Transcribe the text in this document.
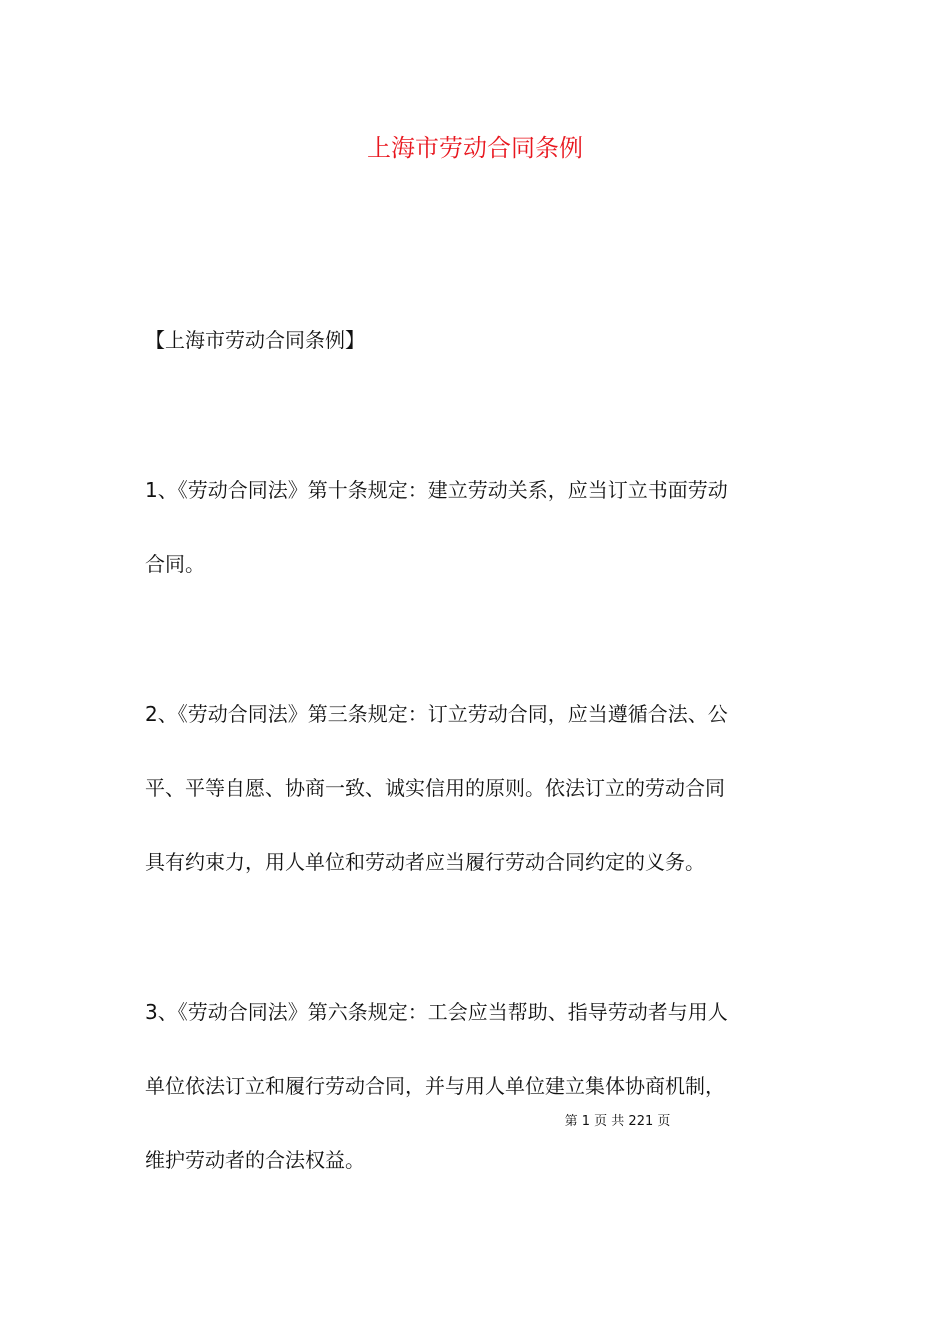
上海市劳动合同条例
【上海市劳动合同条例】
1、《劳动合同法》第十条规定：建立劳动关系，应当订立书面劳动
合同。
2、《劳动合同法》第三条规定：订立劳动合同，应当遵循合法、公
平、平等自愿、协商一致、诚实信用的原则。依法订立的劳动合同
具有约束力，用人单位和劳动者应当履行劳动合同约定的义务。
3、《劳动合同法》第六条规定：工会应当帮助、指导劳动者与用人
单位依法订立和履行劳动合同，并与用人单位建立集体协商机制，
维护劳动者的合法权益。
第 1 页 共 221 页
